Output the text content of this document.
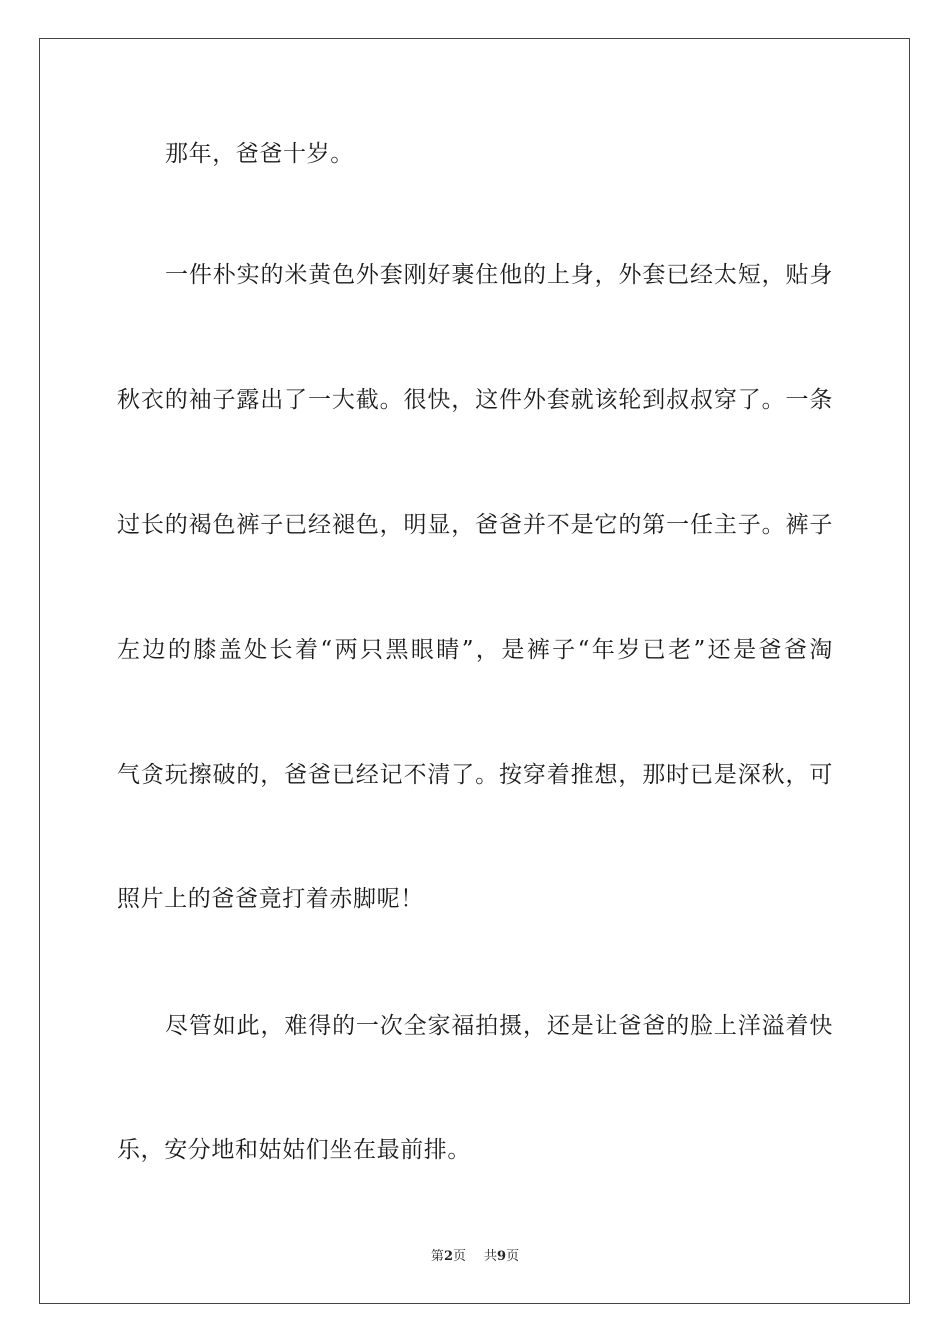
那年，爸爸十岁。
一件朴实的米黄色外套刚好裹住他的上身，外套已经太短，贴身
秋衣的袖子露出了一大截。很快，这件外套就该轮到叔叔穿了。一条
过长的褐色裤子已经褪色，明显，爸爸并不是它的第一任主子。裤子
左边的膝盖处长着“两只黑眼睛”，是裤子“年岁已老”还是爸爸淘
气贪玩擦破的，爸爸已经记不清了。按穿着推想，那时已是深秋，可
照片上的爸爸竟打着赤脚呢！
尽管如此，难得的一次全家福拍摄，还是让爸爸的脸上洋溢着快
乐，安分地和姑姑们坐在最前排。
第2页 共9页
